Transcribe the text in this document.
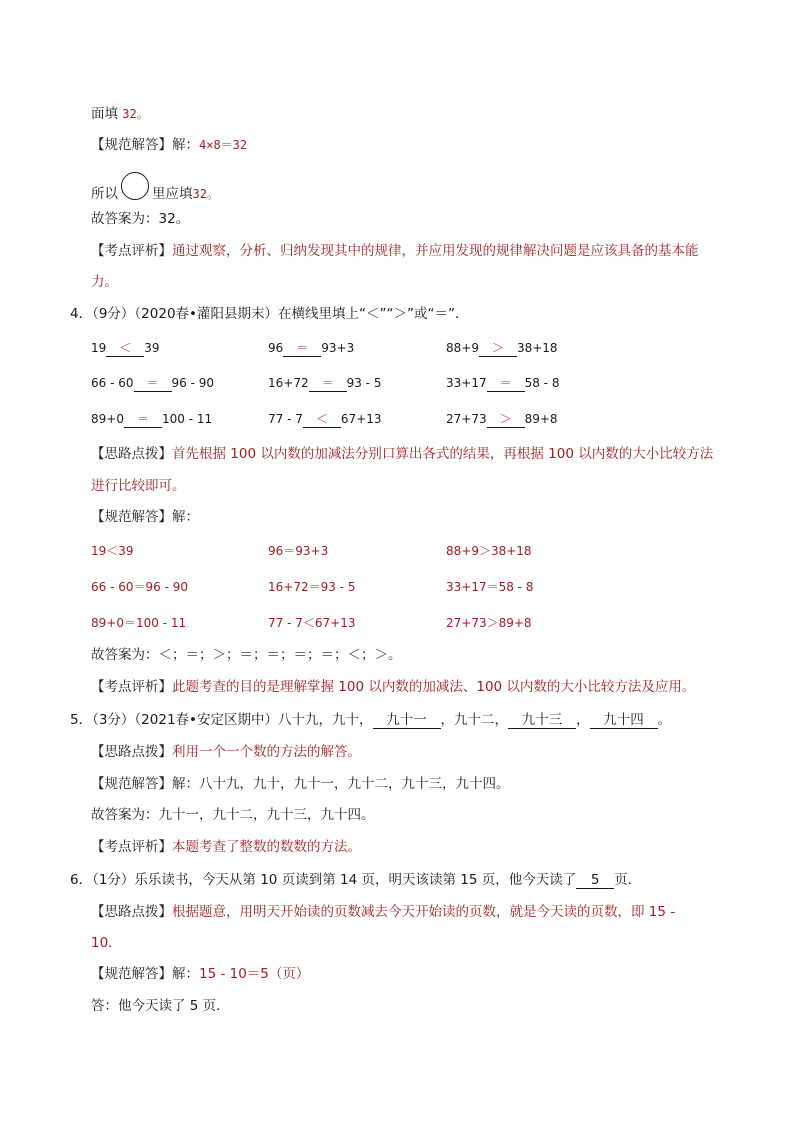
面填 32。
【规范解答】解：4×8＝32
所以	里应填32。
故答案为：32。
【考点评析】通过观察，分析、归纳发现其中的规律，并应用发现的规律解决问题是应该具备的基本能
力。
4．（9分）（2020春•灌阳县期末）在横线里填上“＜”“＞”或“＝”．
19 ＜ 39	96 ＝ 93+3	88+9 ＞ 38+18
66 - 60 ＝ 96 - 90	16+72 ＝ 93 - 5	33+17 ＝ 58 - 8
89+0 ＝ 100 - 11	77 - 7 ＜ 67+13	27+73 ＞ 89+8
【思路点拨】首先根据 100 以内数的加减法分别口算出各式的结果，再根据 100 以内数的大小比较方法
进行比较即可。
【规范解答】解：
19＜39	96＝93+3	88+9＞38+18
66 - 60＝96 - 90	16+72＝93 - 5	33+17＝58 - 8
89+0＝100 - 11	77 - 7＜67+13	27+73＞89+8
故答案为：＜；＝；＞；＝；＝；＝；＝；＜；＞。
【考点评析】此题考查的目的是理解掌握 100 以内数的加减法、100 以内数的大小比较方法及应用。
5．（3分）（2021春•安定区期中）八十九，九十， 九十一 ，九十二， 九十三 ， 九十四 。
【思路点拨】利用一个一个数的方法的解答。
【规范解答】解：八十九，九十，九十一，九十二，九十三，九十四。
故答案为：九十一，九十二，九十三，九十四。
【考点评析】本题考查了整数的数数的方法。
6．（1分）乐乐读书，今天从第 10 页读到第 14 页，明天该读第 15 页，他今天读了 5 页．
【思路点拨】根据题意，用明天开始读的页数减去今天开始读的页数，就是今天读的页数，即 15 -
10．
【规范解答】解：15 - 10＝5（页）
答：他今天读了 5 页．
